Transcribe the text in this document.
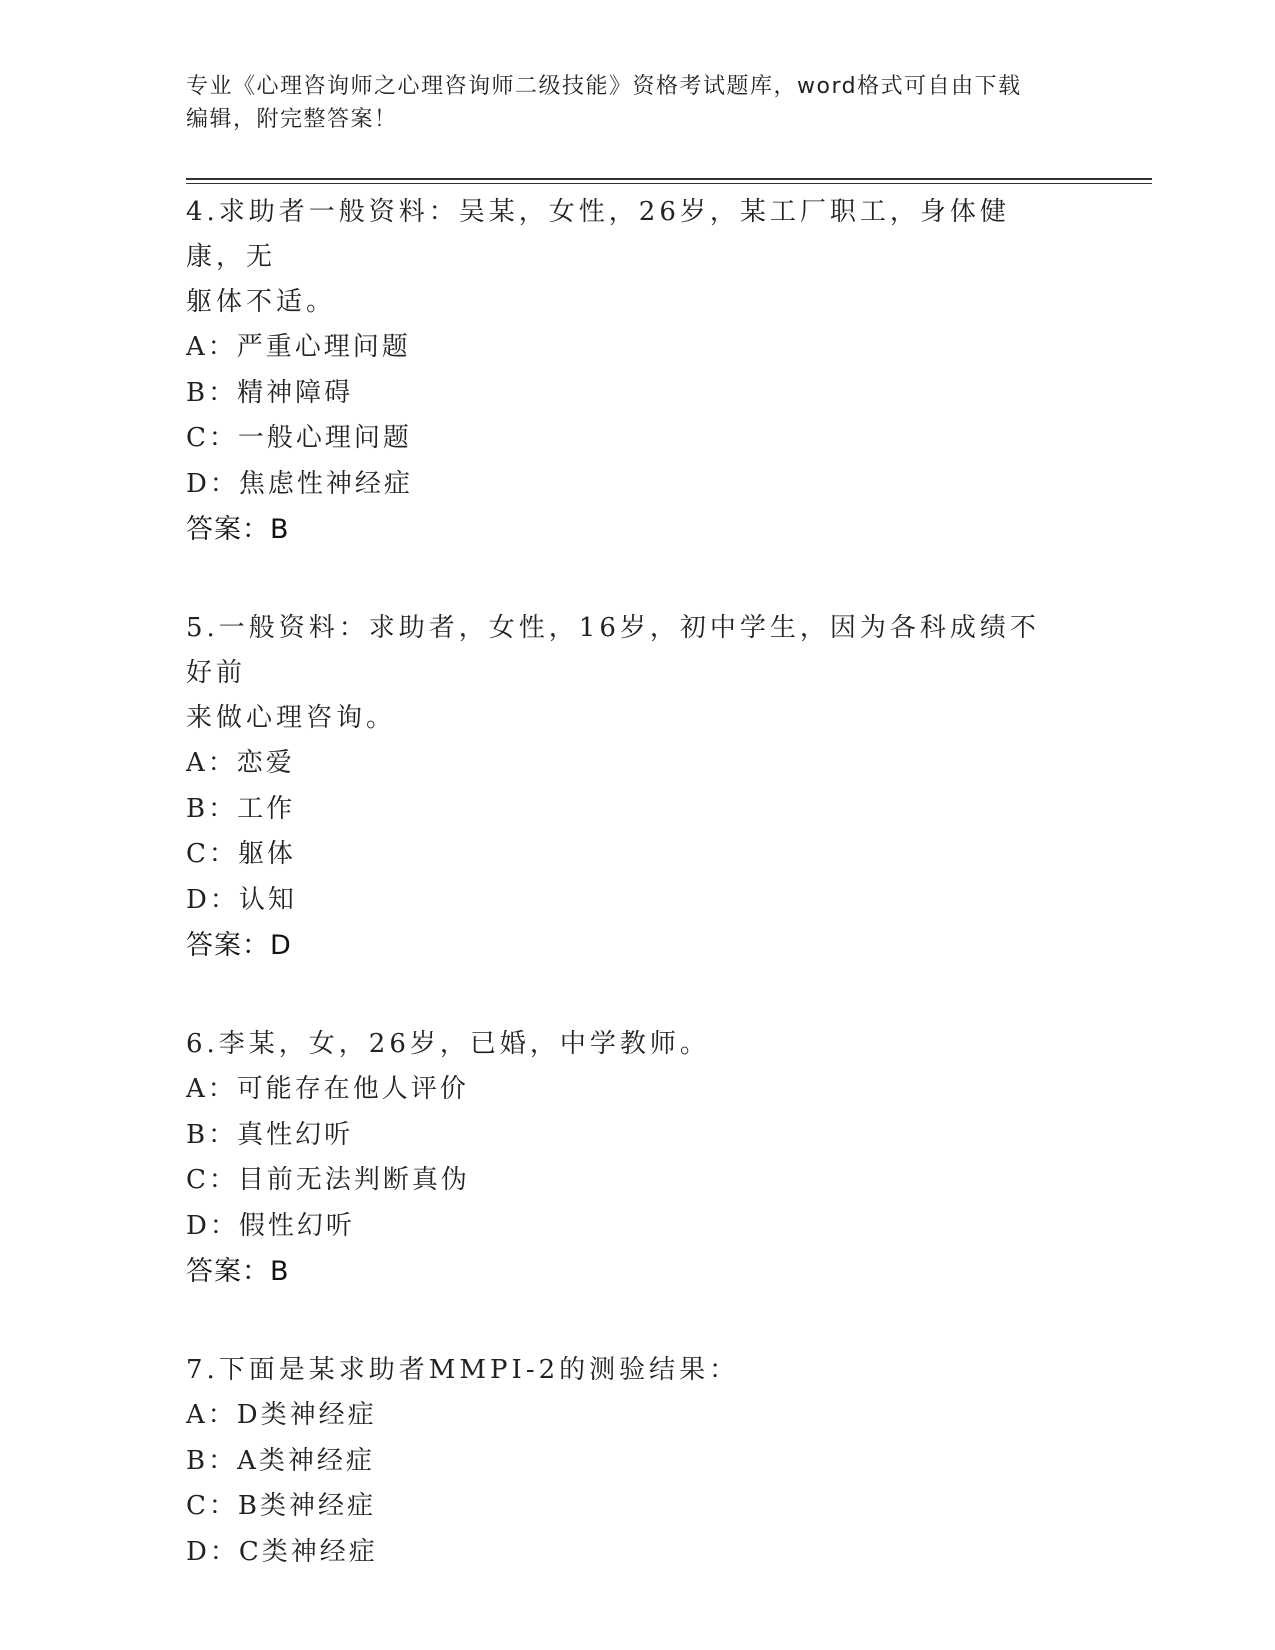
专业《心理咨询师之心理咨询师二级技能》资格考试题库，word格式可自由下载
编辑，附完整答案！
4.求助者一般资料：吴某，女性，26岁，某工厂职工，身体健康，无
躯体不适。
A：严重心理问题
B：精神障碍
C：一般心理问题
D：焦虑性神经症
答案：B
5.一般资料：求助者，女性，16岁，初中学生，因为各科成绩不好前
来做心理咨询。
A：恋爱
B：工作
C：躯体
D：认知
答案：D
6.李某，女，26岁，已婚，中学教师。
A：可能存在他人评价
B：真性幻听
C：目前无法判断真伪
D：假性幻听
答案：B
7.下面是某求助者MMPI-2的测验结果：
A：D类神经症
B：A类神经症
C：B类神经症
D：C类神经症
